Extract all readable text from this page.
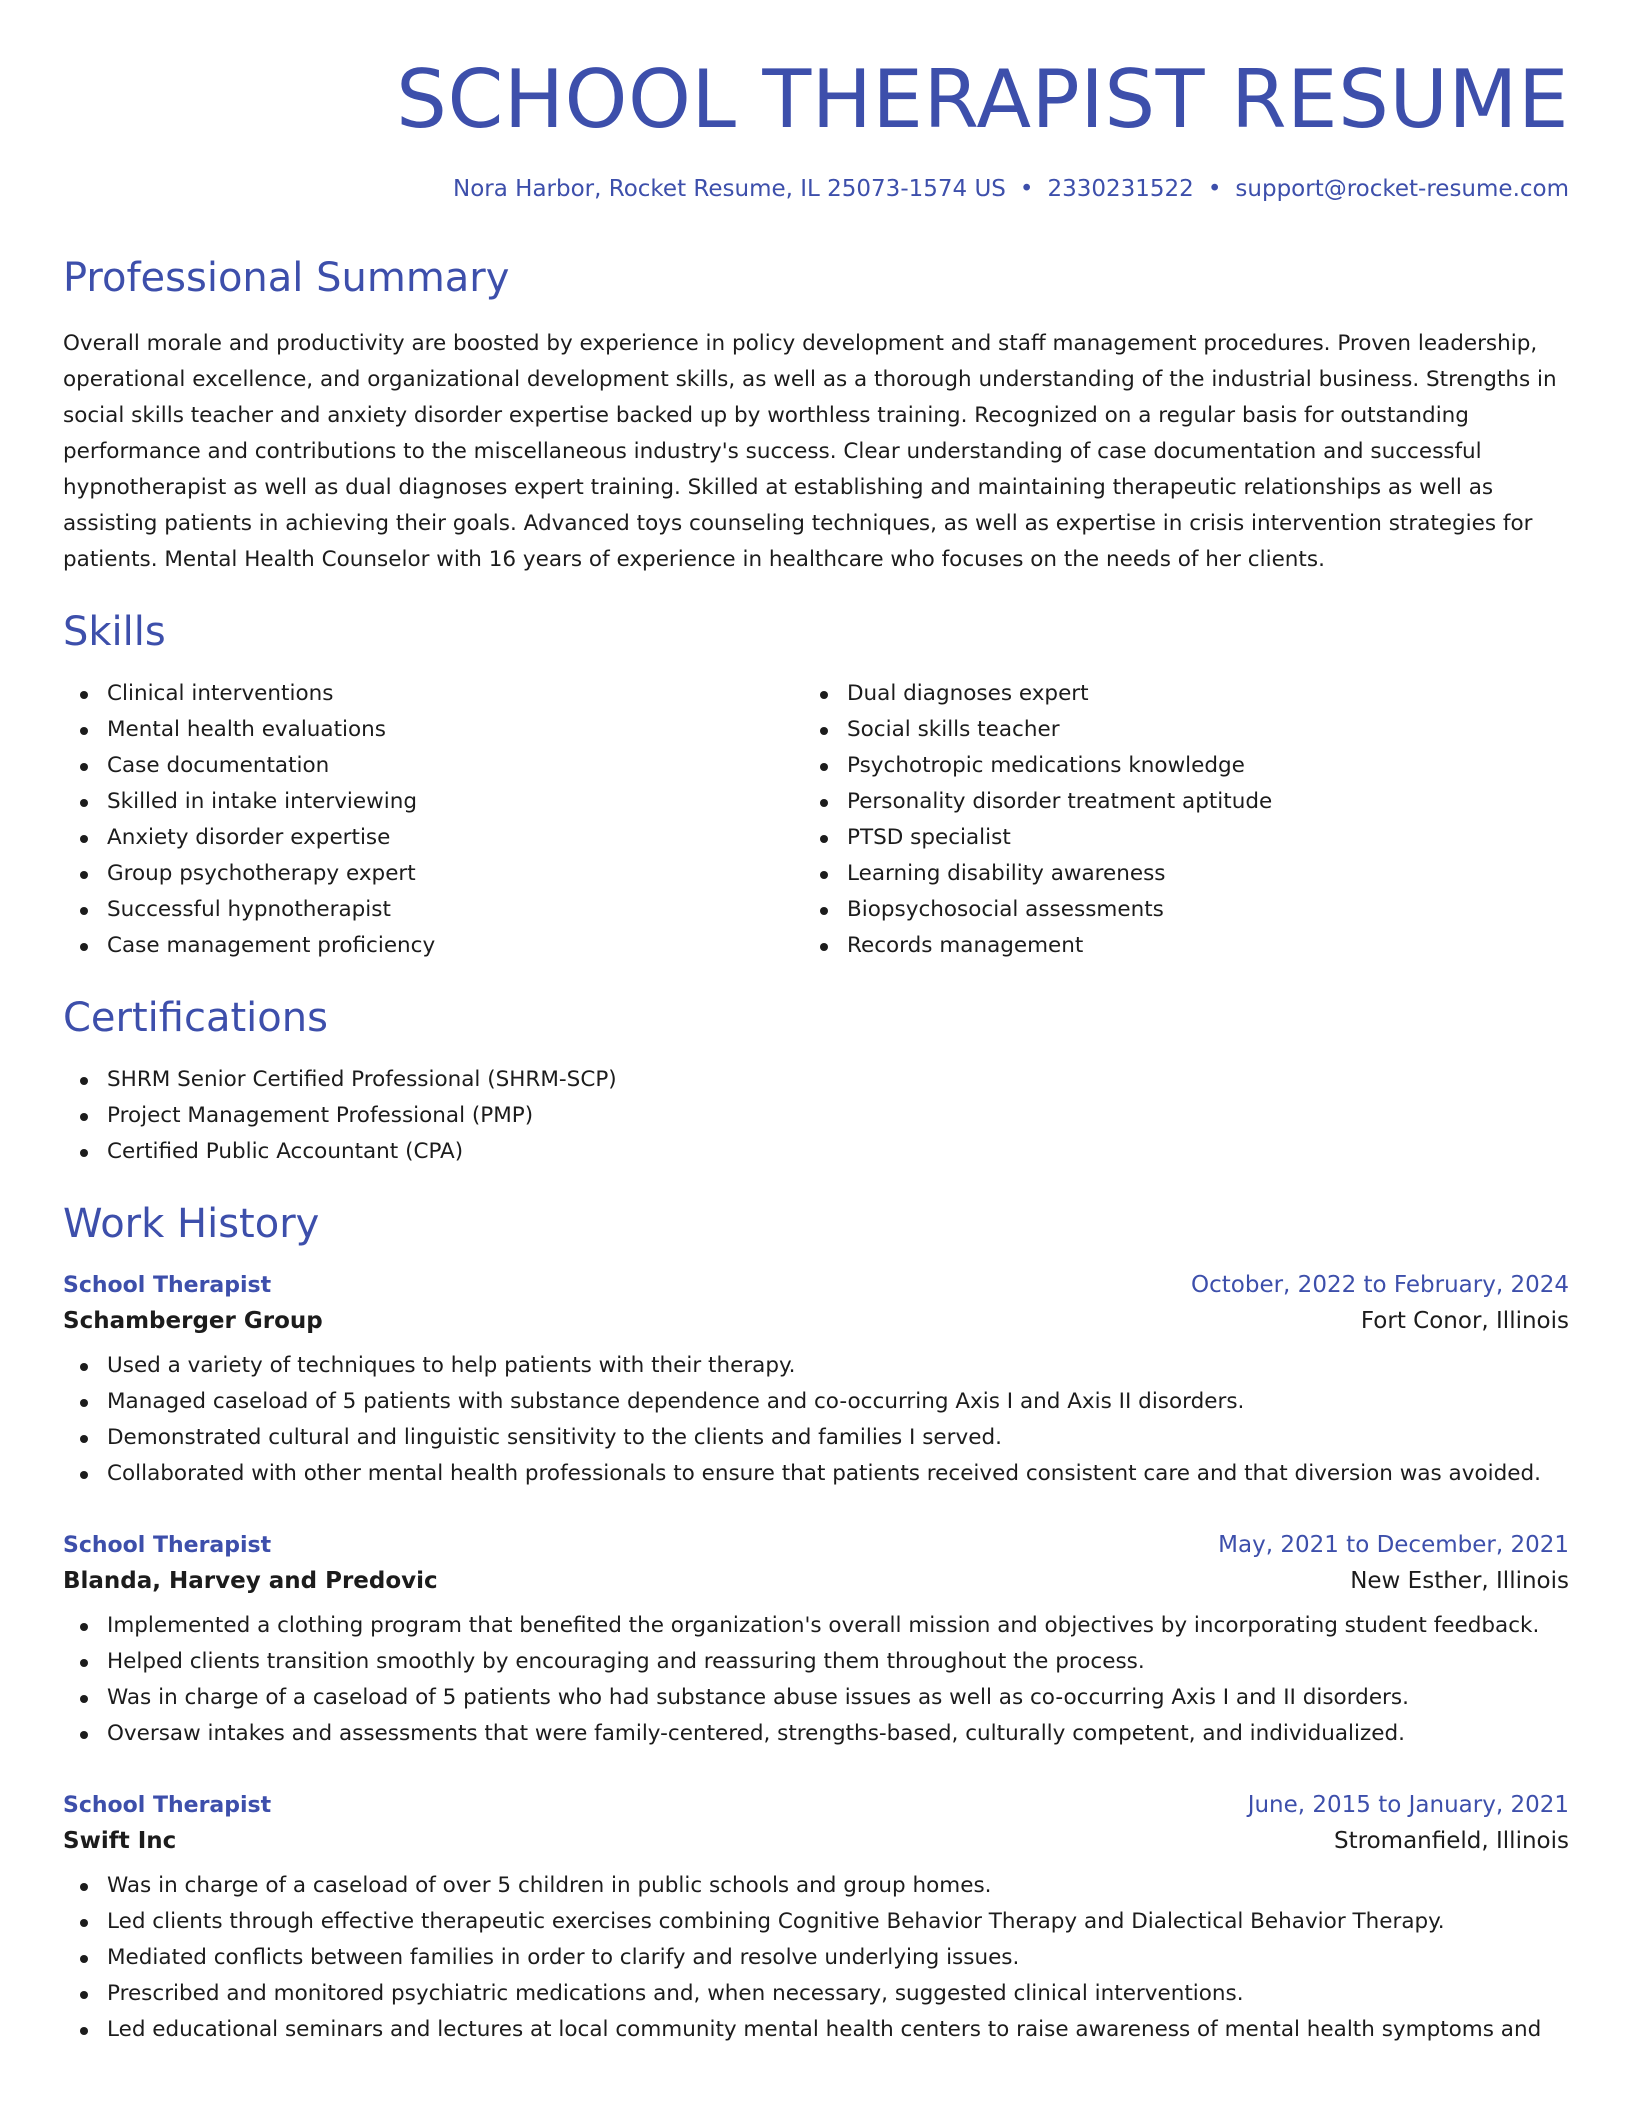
SCHOOL THERAPIST RESUME
Nora Harbor, Rocket Resume, IL 25073-1574 US • 2330231522 • support@rocket-resume.com
Professional Summary

Overall morale and productivity are boosted by experience in policy development and staff management procedures. Proven leadership, operational excellence, and organizational development skills, as well as a thorough understanding of the industrial business. Strengths in social skills teacher and anxiety disorder expertise backed up by worthless training. Recognized on a regular basis for outstanding performance and contributions to the miscellaneous industry's success. Clear understanding of case documentation and successful hypnotherapist as well as dual diagnoses expert training. Skilled at establishing and maintaining therapeutic relationships as well as assisting patients in achieving their goals. Advanced toys counseling techniques, as well as expertise in crisis intervention strategies for patients. Mental Health Counselor with 16 years of experience in healthcare who focuses on the needs of her clients.

Skills
Clinical interventions
Mental health evaluations
Case documentation
Skilled in intake interviewing
Anxiety disorder expertise
Group psychotherapy expert
Successful hypnotherapist
Case management proficiency
Dual diagnoses expert
Social skills teacher
Psychotropic medications knowledge
Personality disorder treatment aptitude
PTSD specialist
Learning disability awareness
Biopsychosocial assessments
Records management
Certifications
SHRM Senior Certified Professional (SHRM-SCP)
Project Management Professional (PMP)
Certified Public Accountant (CPA)
Work History
School Therapist	October, 2022 to February, 2024
Schamberger Group	Fort Conor, Illinois
Used a variety of techniques to help patients with their therapy.
Managed caseload of 5 patients with substance dependence and co-occurring Axis I and Axis II disorders.
Demonstrated cultural and linguistic sensitivity to the clients and families I served.
Collaborated with other mental health professionals to ensure that patients received consistent care and that diversion was avoided.
School Therapist	May, 2021 to December, 2021
Blanda, Harvey and Predovic	New Esther, Illinois
Implemented a clothing program that benefited the organization's overall mission and objectives by incorporating student feedback.
Helped clients transition smoothly by encouraging and reassuring them throughout the process.
Was in charge of a caseload of 5 patients who had substance abuse issues as well as co-occurring Axis I and II disorders.
Oversaw intakes and assessments that were family-centered, strengths-based, culturally competent, and individualized.
School Therapist	June, 2015 to January, 2021
Swift Inc	Stromanfield, Illinois
Was in charge of a caseload of over 5 children in public schools and group homes.
Led clients through effective therapeutic exercises combining Cognitive Behavior Therapy and Dialectical Behavior Therapy.
Mediated conflicts between families in order to clarify and resolve underlying issues.
Prescribed and monitored psychiatric medications and, when necessary, suggested clinical interventions.
Led educational seminars and lectures at local community mental health centers to raise awareness of mental health symptoms and
